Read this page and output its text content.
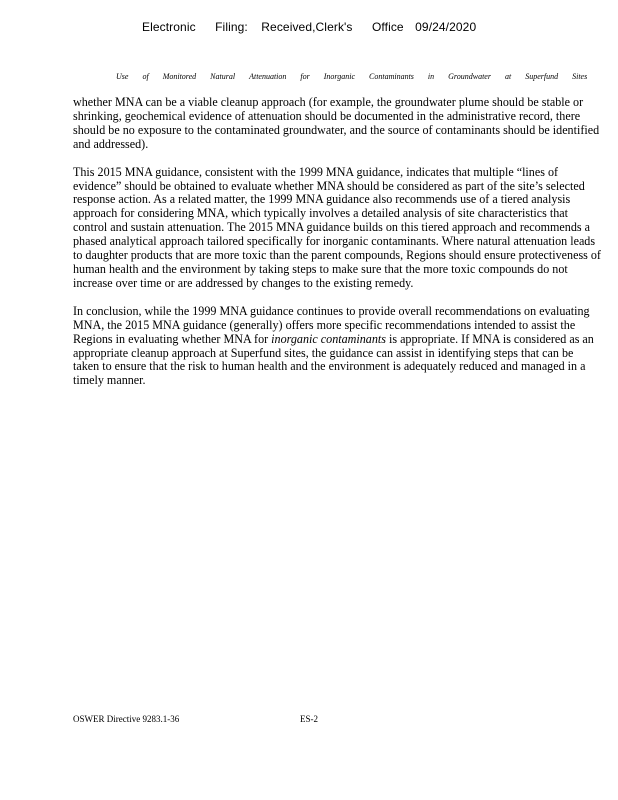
Electronic Filing: Received,Clerk's Office 09/24/2020
Use of Monitored Natural Attenuation for Inorganic Contaminants in Groundwater at Superfund Sites

whether MNA can be a viable cleanup approach (for example, the groundwater plume should be stable or shrinking, geochemical evidence of attenuation should be documented in the administrative record, there should be no exposure to the contaminated groundwater, and the source of contaminants should be identified and addressed).

This 2015 MNA guidance, consistent with the 1999 MNA guidance, indicates that multiple “lines of evidence” should be obtained to evaluate whether MNA should be considered as part of the site’s selected response action. As a related matter, the 1999 MNA guidance also recommends use of a tiered analysis approach for considering MNA, which typically involves a detailed analysis of site characteristics that control and sustain attenuation. The 2015 MNA guidance builds on this tiered approach and recommends a phased analytical approach tailored specifically for inorganic contaminants. Where natural attenuation leads to daughter products that are more toxic than the parent compounds, Regions should ensure protectiveness of human health and the environment by taking steps to make sure that the more toxic compounds do not increase over time or are addressed by changes to the existing remedy.

In conclusion, while the 1999 MNA guidance continues to provide overall recommendations on evaluating MNA, the 2015 MNA guidance (generally) offers more specific recommendations intended to assist the Regions in evaluating whether MNA for inorganic contaminants is appropriate. If MNA is considered as an appropriate cleanup approach at Superfund sites, the guidance can assist in identifying steps that can be taken to ensure that the risk to human health and the environment is adequately reduced and managed in a timely manner.

OSWER Directive 9283.1-36	ES-2
